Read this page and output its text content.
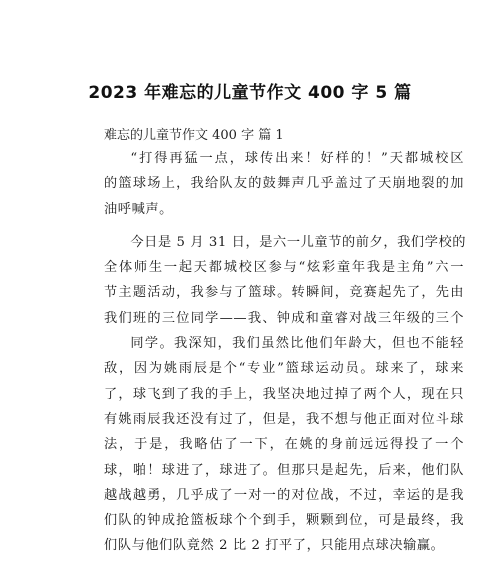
2023 年难忘的儿童节作文 400 字 5 篇
难忘的儿童节作文 400 字 篇 1

“打得再猛一点，球传出来！好样的！”天都城校区
的篮球场上，我给队友的鼓舞声几乎盖过了天崩地裂的加
油呼喊声。

今日是 5 月 31 日，是六一儿童节的前夕，我们学校的
全体师生一起天都城校区参与“炫彩童年我是主角”六一
节主题活动，我参与了篮球。转瞬间，竞赛起先了，先由
我们班的三位同学——我、钟成和童睿对战三年级的三个
同学。我深知，我们虽然比他们年龄大，但也不能轻
敌，因为姚雨辰是个“专业”篮球运动员。球来了，球来
了，球飞到了我的手上，我坚决地过掉了两个人，现在只
有姚雨辰我还没有过了，但是，我不想与他正面对位斗球
法，于是，我略估了一下，在姚的身前远远得投了一个
球，啪！球进了，球进了。但那只是起先，后来，他们队
越战越勇，几乎成了一对一的对位战，不过，幸运的是我
们队的钟成抢篮板球个个到手，颗颗到位，可是最终，我
们队与他们队竟然 2 比 2 打平了，只能用点球决输赢。
